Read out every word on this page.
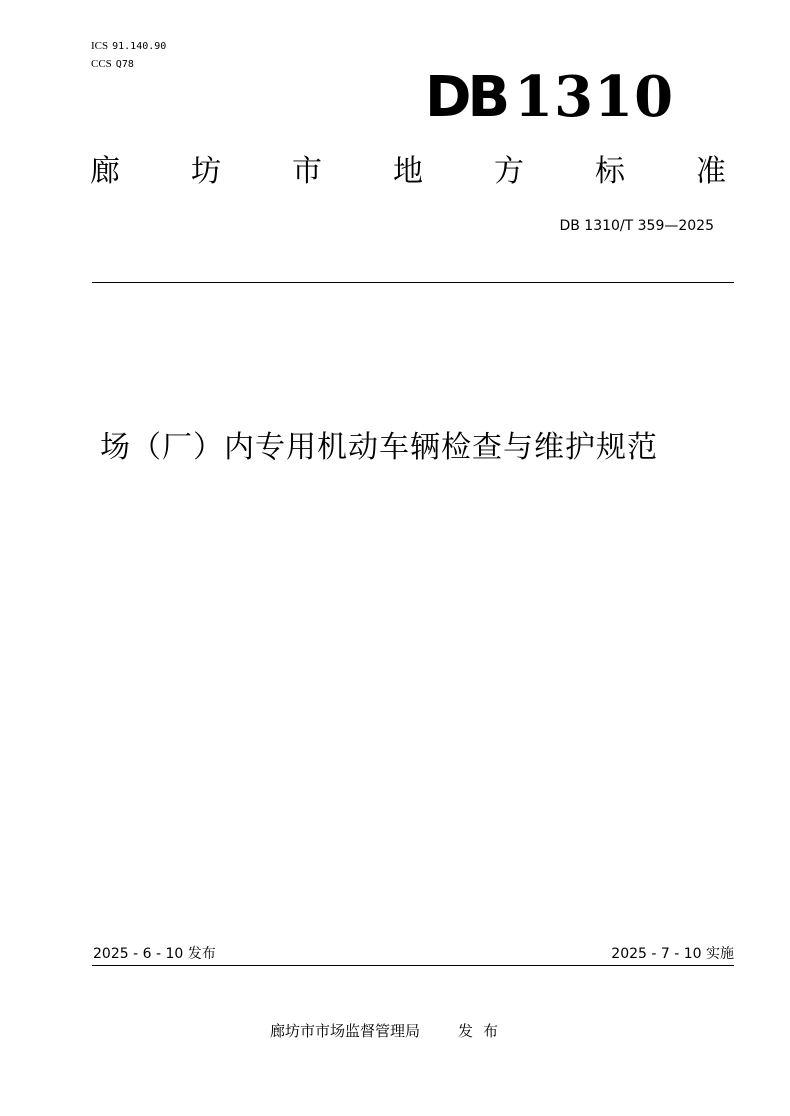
ICS 91.140.90
CCS Q78
DB 1310
廊 坊 市 地 方 标 准
DB 1310/T 359—2025
场（厂）内专用机动车辆检查与维护规范
2025 - 6 - 10 发布	2025 - 7 - 10 实施
廊坊市市场监督管理局	发布
